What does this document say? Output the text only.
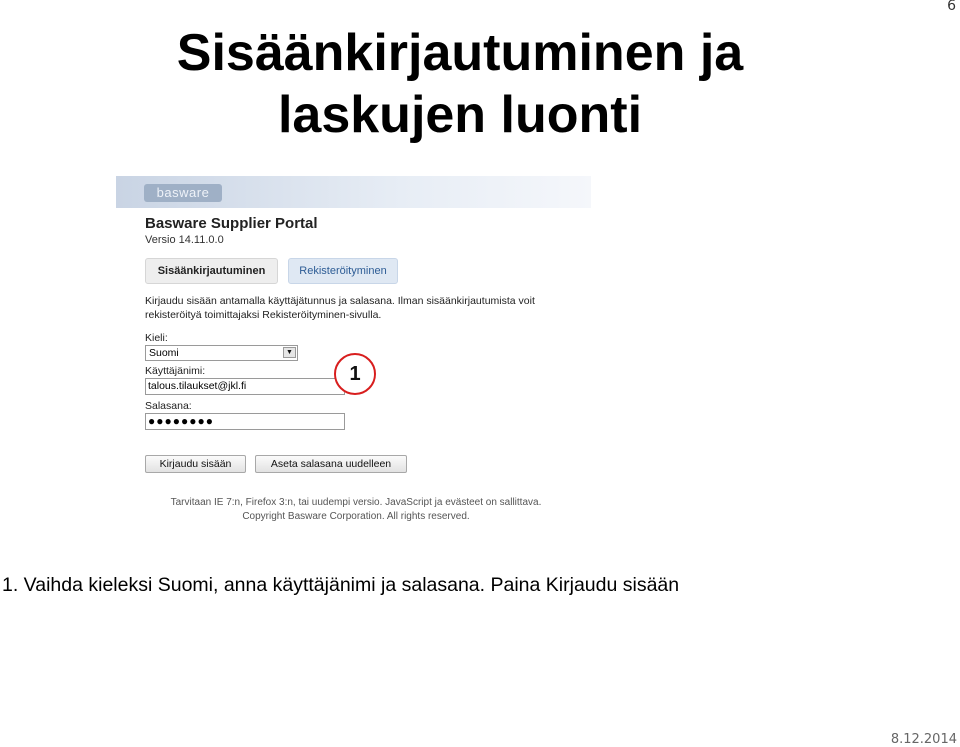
6
Sisäänkirjautuminen ja
laskujen luonti
basware
Basware Supplier Portal
Versio 14.11.0.0
Sisäänkirjautuminen	Rekisteröityminen
Kirjaudu sisään antamalla käyttäjätunnus ja salasana. Ilman sisäänkirjautumista voit
rekisteröityä toimittajaksi Rekisteröityminen-sivulla.
Kieli:
Suomi	▼
Käyttäjänimi:
talous.tilaukset@jkl.fi
Salasana:
●●●●●●●●
1
Kirjaudu sisään	Aseta salasana uudelleen
Tarvitaan IE 7:n, Firefox 3:n, tai uudempi versio. JavaScript ja evästeet on sallittava.
Copyright Basware Corporation. All rights reserved.

1. Vaihda kieleksi Suomi, anna käyttäjänimi ja salasana. Paina Kirjaudu sisään

8.12.2014
